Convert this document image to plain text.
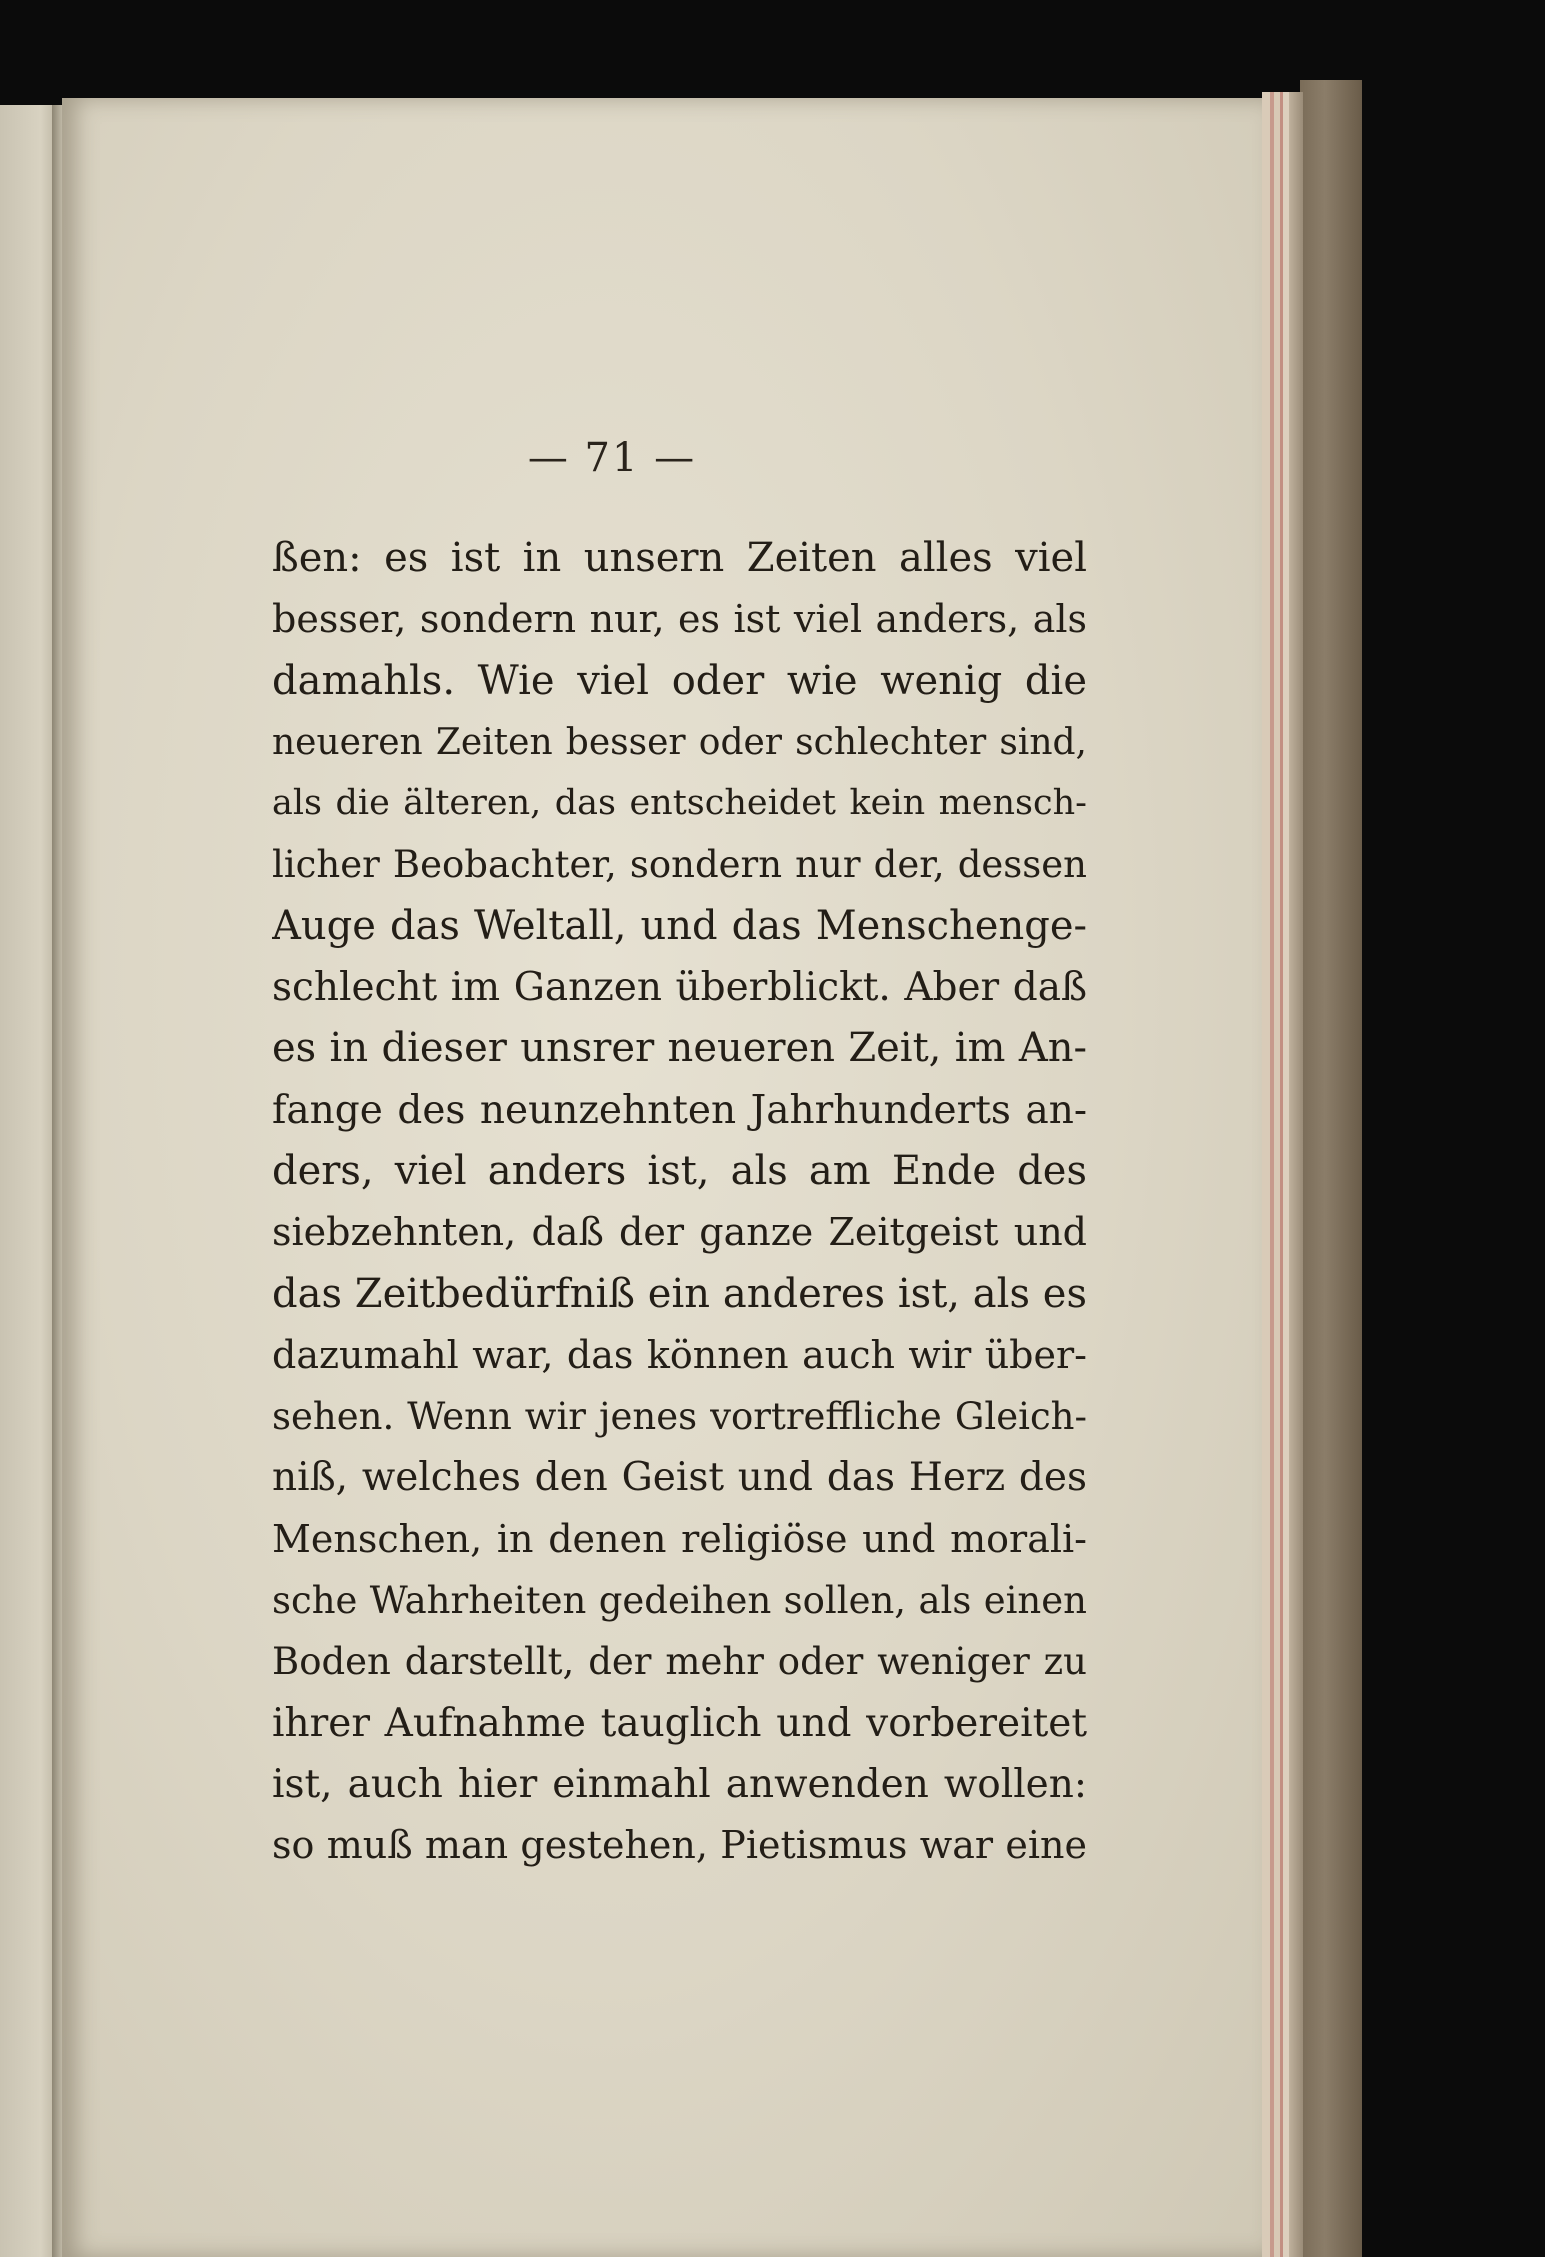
— 71 —
ßen: es ist in unsern Zeiten alles viel
besser, sondern nur, es ist viel anders, als
damahls. Wie viel oder wie wenig die
neueren Zeiten besser oder schlechter sind,
als die älteren, das entscheidet kein mensch-
licher Beobachter, sondern nur der, dessen
Auge das Weltall, und das Menschenge-
schlecht im Ganzen überblickt. Aber daß
es in dieser unsrer neueren Zeit, im An-
fange des neunzehnten Jahrhunderts an-
ders, viel anders ist, als am Ende des
siebzehnten, daß der ganze Zeitgeist und
das Zeitbedürfniß ein anderes ist, als es
dazumahl war, das können auch wir über-
sehen. Wenn wir jenes vortreffliche Gleich-
niß, welches den Geist und das Herz des
Menschen, in denen religiöse und morali-
sche Wahrheiten gedeihen sollen, als einen
Boden darstellt, der mehr oder weniger zu
ihrer Aufnahme tauglich und vorbereitet
ist, auch hier einmahl anwenden wollen:
so muß man gestehen, Pietismus war eine
